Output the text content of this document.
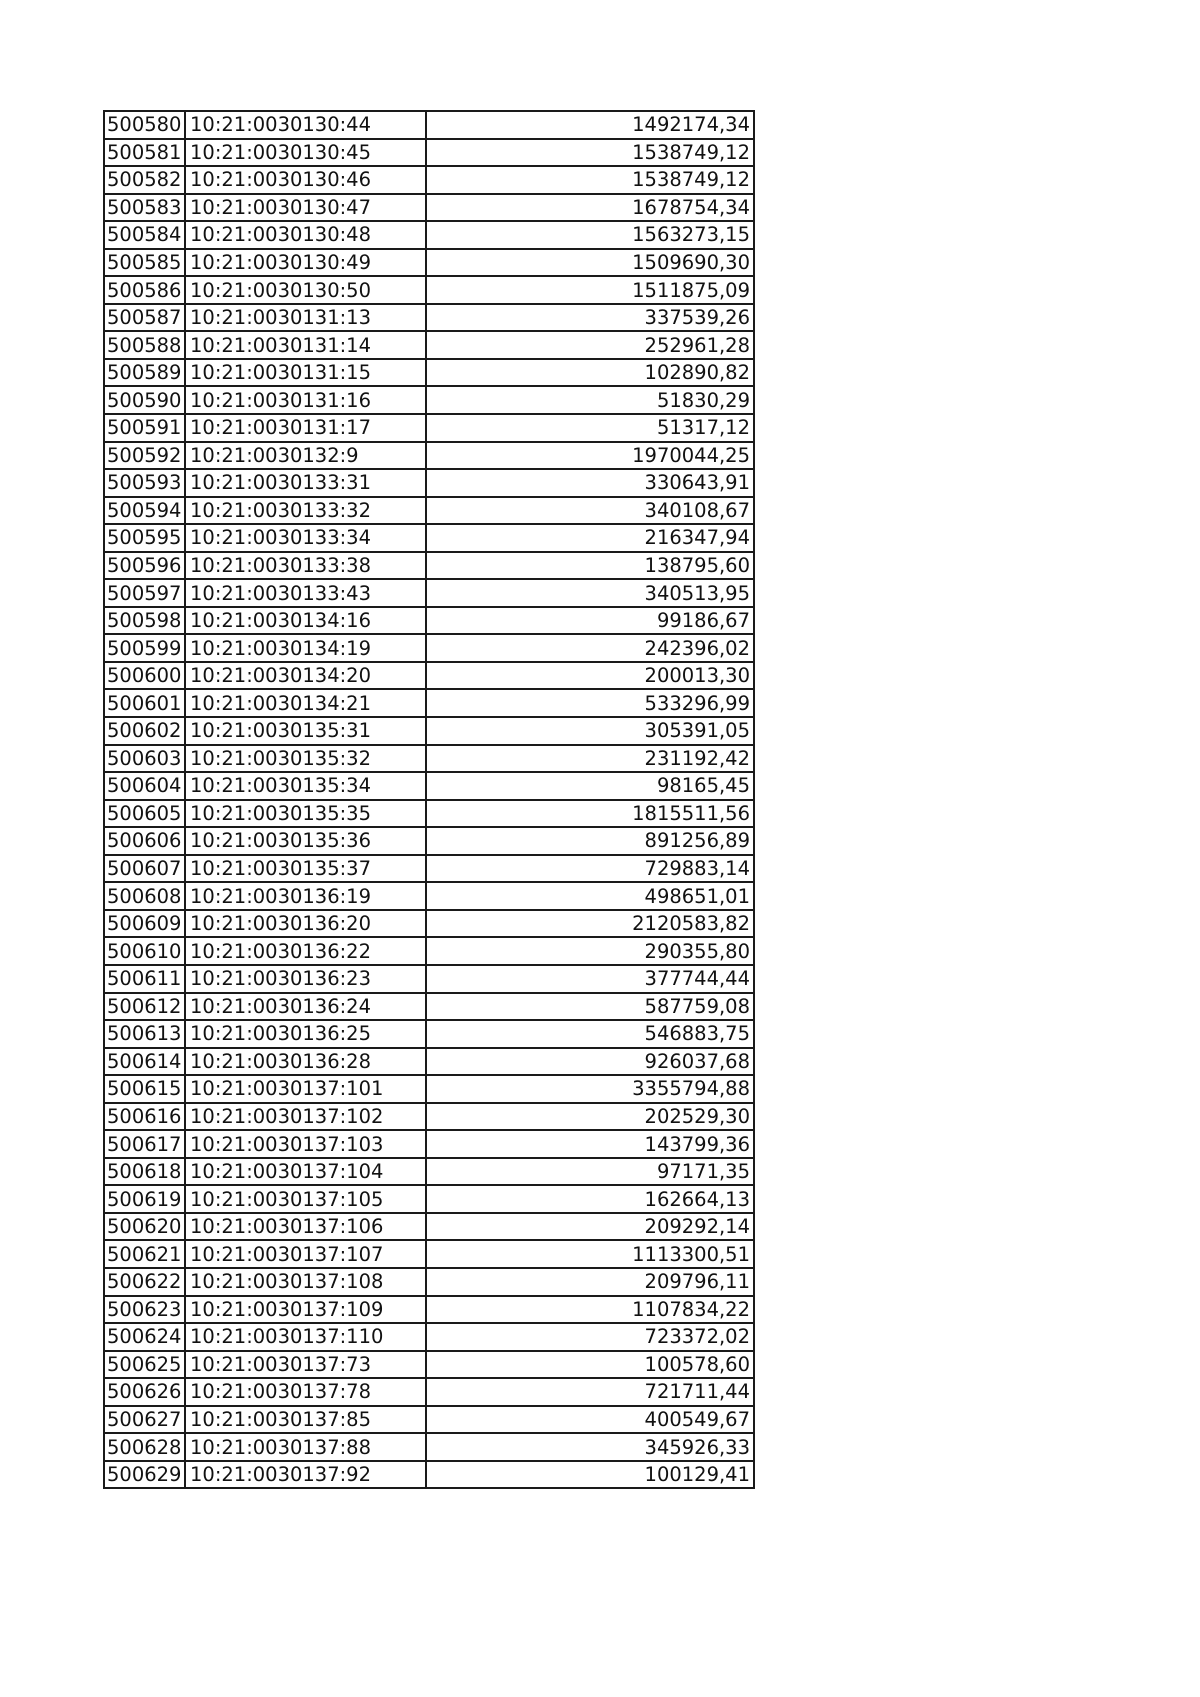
500580	10:21:0030130:44	1492174,34
500581	10:21:0030130:45	1538749,12
500582	10:21:0030130:46	1538749,12
500583	10:21:0030130:47	1678754,34
500584	10:21:0030130:48	1563273,15
500585	10:21:0030130:49	1509690,30
500586	10:21:0030130:50	1511875,09
500587	10:21:0030131:13	337539,26
500588	10:21:0030131:14	252961,28
500589	10:21:0030131:15	102890,82
500590	10:21:0030131:16	51830,29
500591	10:21:0030131:17	51317,12
500592	10:21:0030132:9	1970044,25
500593	10:21:0030133:31	330643,91
500594	10:21:0030133:32	340108,67
500595	10:21:0030133:34	216347,94
500596	10:21:0030133:38	138795,60
500597	10:21:0030133:43	340513,95
500598	10:21:0030134:16	99186,67
500599	10:21:0030134:19	242396,02
500600	10:21:0030134:20	200013,30
500601	10:21:0030134:21	533296,99
500602	10:21:0030135:31	305391,05
500603	10:21:0030135:32	231192,42
500604	10:21:0030135:34	98165,45
500605	10:21:0030135:35	1815511,56
500606	10:21:0030135:36	891256,89
500607	10:21:0030135:37	729883,14
500608	10:21:0030136:19	498651,01
500609	10:21:0030136:20	2120583,82
500610	10:21:0030136:22	290355,80
500611	10:21:0030136:23	377744,44
500612	10:21:0030136:24	587759,08
500613	10:21:0030136:25	546883,75
500614	10:21:0030136:28	926037,68
500615	10:21:0030137:101	3355794,88
500616	10:21:0030137:102	202529,30
500617	10:21:0030137:103	143799,36
500618	10:21:0030137:104	97171,35
500619	10:21:0030137:105	162664,13
500620	10:21:0030137:106	209292,14
500621	10:21:0030137:107	1113300,51
500622	10:21:0030137:108	209796,11
500623	10:21:0030137:109	1107834,22
500624	10:21:0030137:110	723372,02
500625	10:21:0030137:73	100578,60
500626	10:21:0030137:78	721711,44
500627	10:21:0030137:85	400549,67
500628	10:21:0030137:88	345926,33
500629	10:21:0030137:92	100129,41
